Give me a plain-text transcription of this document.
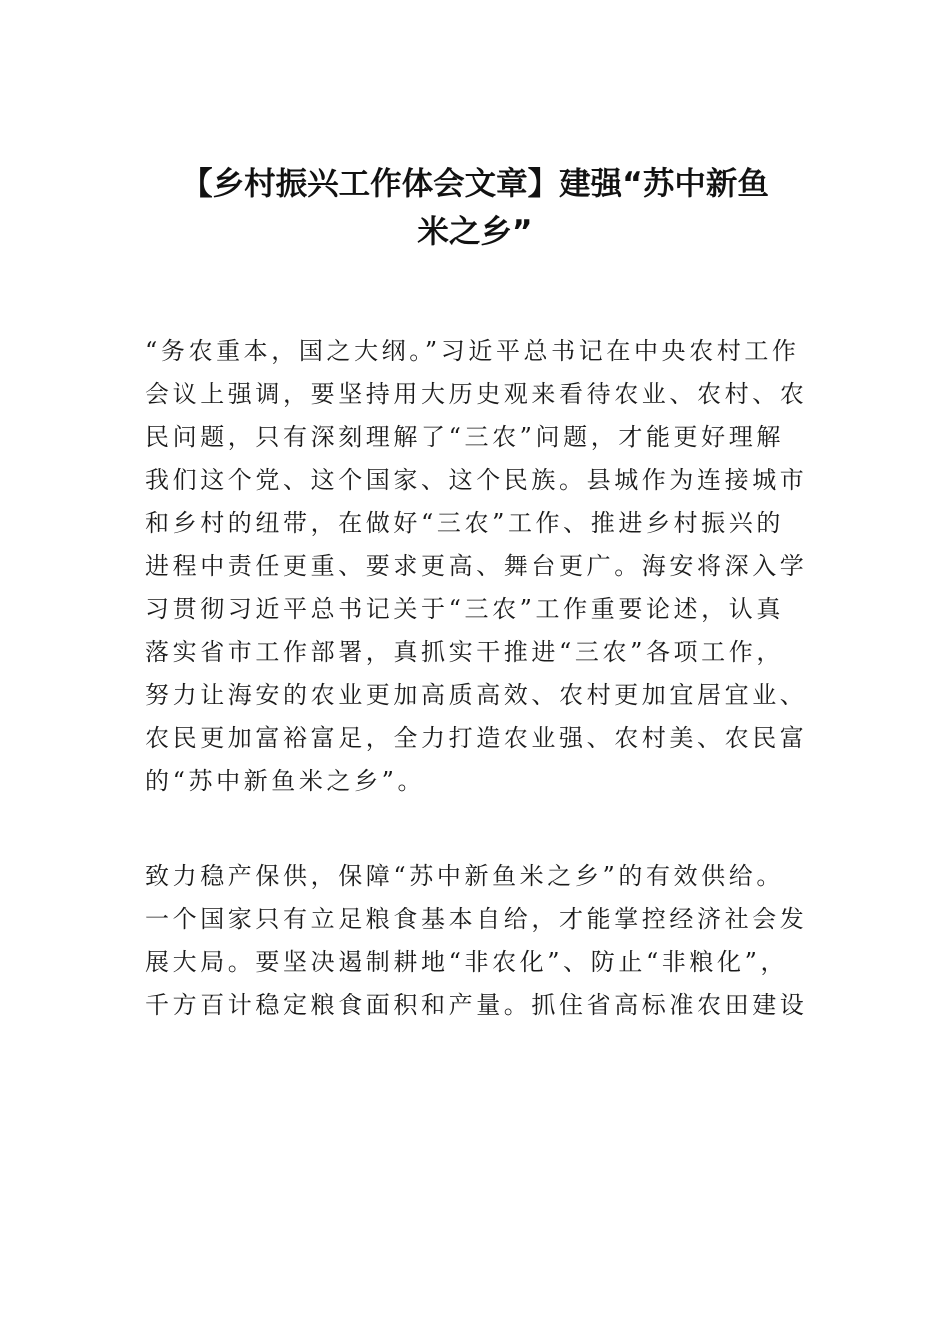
【乡村振兴工作体会文章】建强“苏中新鱼
米之乡”
“务农重本，国之大纲。”习近平总书记在中央农村工作
会议上强调，要坚持用大历史观来看待农业、农村、农
民问题，只有深刻理解了“三农”问题，才能更好理解
我们这个党、这个国家、这个民族。县城作为连接城市
和乡村的纽带，在做好“三农”工作、推进乡村振兴的
进程中责任更重、要求更高、舞台更广。海安将深入学
习贯彻习近平总书记关于“三农”工作重要论述，认真
落实省市工作部署，真抓实干推进“三农”各项工作，
努力让海安的农业更加高质高效、农村更加宜居宜业、
农民更加富裕富足，全力打造农业强、农村美、农民富
的“苏中新鱼米之乡”。
致力稳产保供，保障“苏中新鱼米之乡”的有效供给。
一个国家只有立足粮食基本自给，才能掌控经济社会发
展大局。要坚决遏制耕地“非农化”、防止“非粮化”，
千方百计稳定粮食面积和产量。抓住省高标准农田建设
